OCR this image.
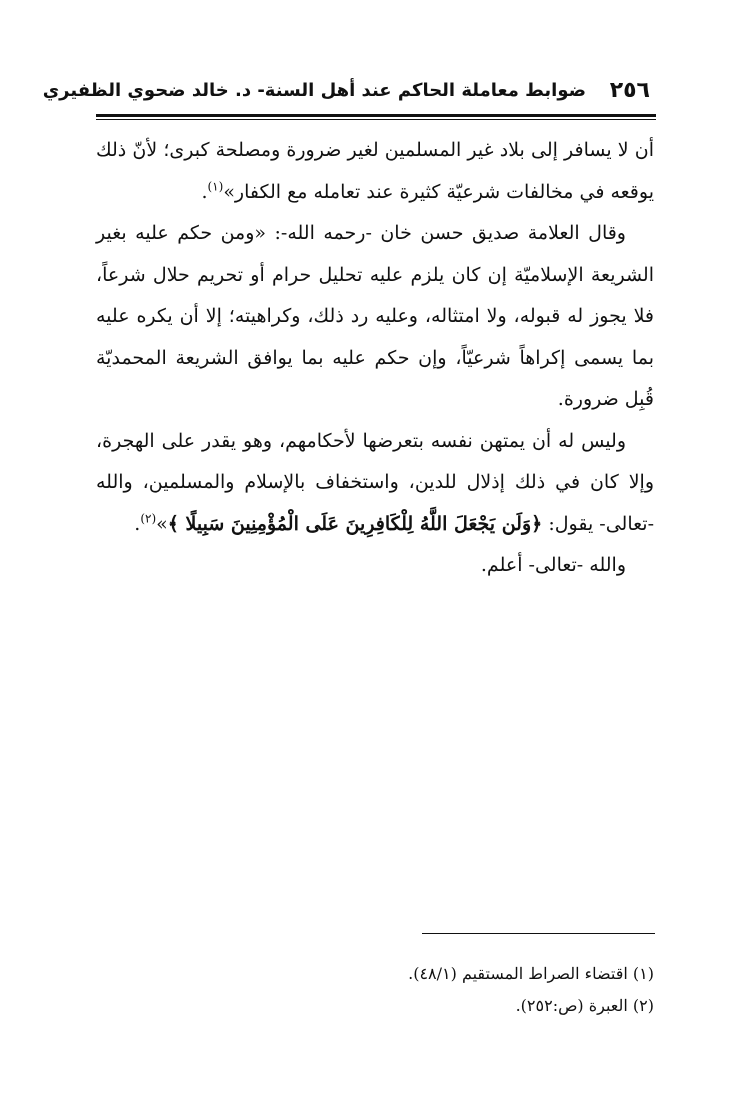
٢٥٦
ضوابط معاملة الحاكم عند أهل السنة- د. خالد ضحوي الظفيري

أن لا يسافر إلى بلاد غير المسلمين لغير ضرورة ومصلحة كبرى؛ لأنّ ذلك يوقعه في مخالفات شرعيّة كثيرة عند تعامله مع الكفار»$^{(١)}$.

وقال العلامة صديق حسن خان -رحمه الله-: «ومن حكم عليه بغير الشريعة الإسلاميّة إن كان يلزم عليه تحليل حرام أو تحريم حلال شرعاً، فلا يجوز له قبوله، ولا امتثاله، وعليه رد ذلك، وكراهيته؛ إلا أن يكره عليه بما يسمى إكراهاً شرعيّاً، وإن حكم عليه بما يوافق الشريعة المحمديّة قُبِل ضرورة.

وليس له أن يمتهن نفسه بتعرضها لأحكامهم، وهو يقدر على الهجرة، وإلا كان في ذلك إذلال للدين، واستخفاف بالإسلام والمسلمين، والله -تعالى- يقول: ﴿وَلَن يَجْعَلَ اللَّهُ لِلْكَافِرِينَ عَلَى الْمُؤْمِنِينَ سَبِيلًا ﴾»$^{(٢)}$.

والله -تعالى- أعلم.

(١) اقتضاء الصراط المستقيم (٤٨/١).
(٢) العبرة (ص:٢٥٢).
